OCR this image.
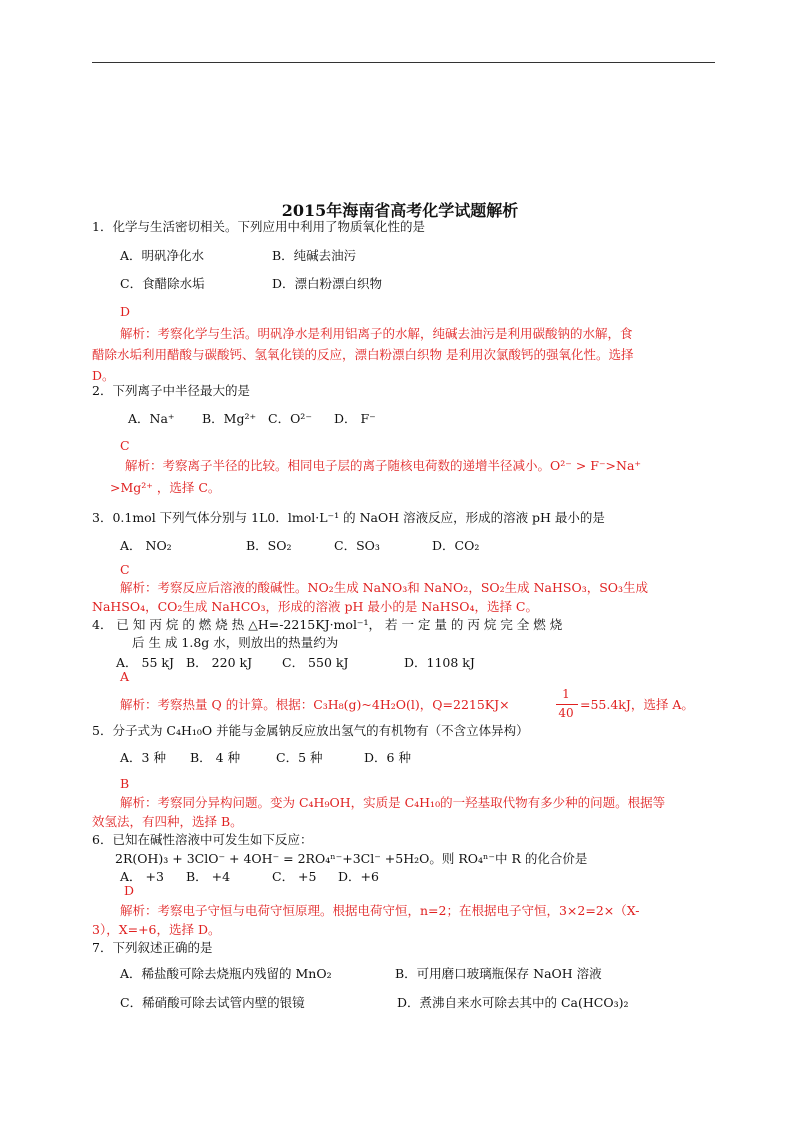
2015年海南省高考化学试题解析
1．化学与生活密切相关。下列应用中利用了物质氧化性的是
A．明矾净化水	B．纯碱去油污
C．食醋除水垢	D．漂白粉漂白织物
D
解析：考察化学与生活。明矾净水是利用铝离子的水解，纯碱去油污是利用碳酸钠的水解，食
醋除水垢利用醋酸与碳酸钙、氢氧化镁的反应，漂白粉漂白织物 是利用次氯酸钙的强氧化性。选择
D。
2．下列离子中半径最大的是
A．Na⁺ B．Mg²⁺ C．O²⁻ D． F⁻
C
解析：考察离子半径的比较。相同电子层的离子随核电荷数的递增半径减小。O²⁻ > F⁻>Na⁺
>Mg²⁺ ，选择 C。
3．0.1mol 下列气体分别与 1L0．lmol·L⁻¹ 的 NaOH 溶液反应，形成的溶液 pH 最小的是
A． NO₂	B．SO₂	C．SO₃	D．CO₂
C
解析：考察反应后溶液的酸碱性。NO₂生成 NaNO₃和 NaNO₂，SO₂生成 NaHSO₃，SO₃生成
NaHSO₄，CO₂生成 NaHCO₃，形成的溶液 pH 最小的是 NaHSO₄，选择 C。
4． 已 知 丙 烷 的 燃 烧 热 △H=-2215KJ·mol⁻¹， 若 一 定 量 的 丙 烷 完 全 燃 烧
后 生 成 1.8g 水，则放出的热量约为
A． 55 kJ B． 220 kJ C． 550 kJ	D．1108 kJ
A
解析：考察热量 Q 的计算。根据：C₃H₈(g)~4H₂O(l)，Q=2215KJ×
1
40
=55.4kJ，选择 A。
5．分子式为 C₄H₁₀O 并能与金属钠反应放出氢气的有机物有（不含立体异构）
A．3 种 B． 4 种	C．5 种	D．6 种
B
解析：考察同分异构问题。变为 C₄H₉OH，实质是 C₄H₁₀的一羟基取代物有多少种的问题。根据等
效氢法，有四种，选择 B。
6．已知在碱性溶液中可发生如下反应：
2R(OH)₃ + 3ClO⁻ + 4OH⁻ = 2RO₄ⁿ⁻+3Cl⁻ +5H₂O。则 RO₄ⁿ⁻中 R 的化合价是
A． +3 B． +4	C． +5 D．+6
D
解析：考察电子守恒与电荷守恒原理。根据电荷守恒，n=2；在根据电子守恒，3×2=2×（X-
3），X=+6，选择 D。
7．下列叙述正确的是
A．稀盐酸可除去烧瓶内残留的 MnO₂	B．可用磨口玻璃瓶保存 NaOH 溶液
C．稀硝酸可除去试管内壁的银镜	D．煮沸自来水可除去其中的 Ca(HCO₃)₂
